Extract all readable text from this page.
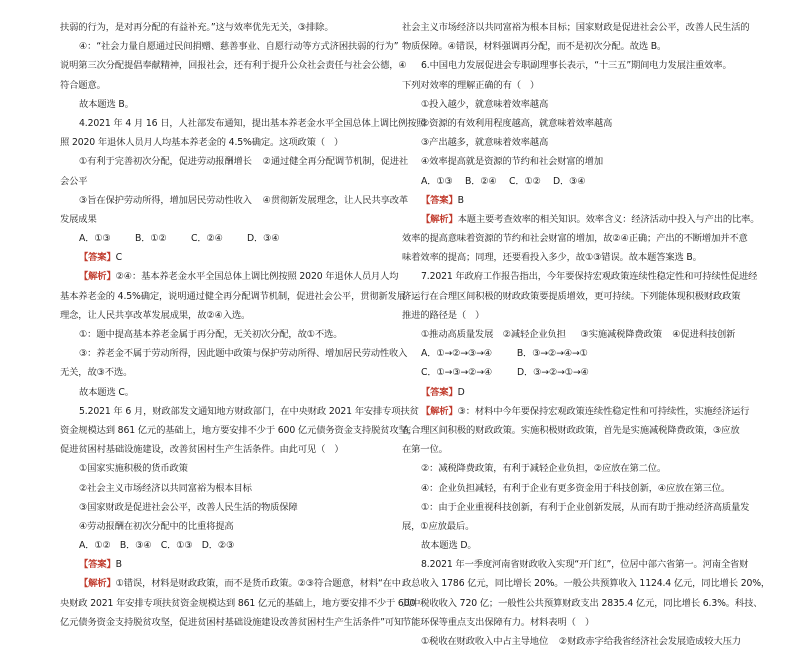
扶弱的行为，是对再分配的有益补充。”这与效率优先无关，③排除。
④：“社会力量自愿通过民间捐赠、慈善事业、自愿行动等方式济困扶弱的行为”
说明第三次分配提倡奉献精神，回报社会，还有利于提升公众社会责任与社会公德，④
符合题意。
故本题选 B。
4.2021 年 4 月 16 日，人社部发布通知，提出基本养老金水平全国总体上调比例按照
照 2020 年退休人员月人均基本养老金的 4.5%确定。这项政策（　）
①有利于完善初次分配，促进劳动报酬增长 ②通过健全再分配调节机制，促进社
会公平
③旨在保护劳动所得，增加居民劳动性收入 ④贯彻新发展理念，让人民共享改革
发展成果
A．①③	B．①②	C．②④	D．③④
【答案】C
【解析】②④：基本养老金水平全国总体上调比例按照 2020 年退休人员月人均
基本养老金的 4.5%确定，说明通过健全再分配调节机制，促进社会公平，贯彻新发展
理念，让人民共享改革发展成果，故②④入选。
①：题中提高基本养老金属于再分配，无关初次分配，故①不选。
③：养老金不属于劳动所得，因此题中政策与保护劳动所得、增加居民劳动性收入
无关，故③不选。
故本题选 C。
5.2021 年 6 月，财政部发文通知地方财政部门，在中央财政 2021 年安排专项扶贫
资金规模达到 861 亿元的基础上，地方要安排不少于 600 亿元债务资金支持脱贫攻坚，
促进贫困村基础设施建设，改善贫困村生产生活条件。由此可见（　）
①国家实施积极的货币政策
②社会主义市场经济以共同富裕为根本目标
③国家财政是促进社会公平，改善人民生活的物质保障
④劳动报酬在初次分配中的比重将提高
A．①②　B．③④　C．①③　D．②③
【答案】B
【解析】①错误，材料是财政政策，而不是货币政策。②③符合题意，材料“在中
央财政 2021 年安排专项扶贫资金规模达到 861 亿元的基础上，地方要安排不少于 600
亿元债务资金支持脱贫攻坚，促进贫困村基础设施建设改善贫困村生产生活条件”可知
社会主义市场经济以共同富裕为根本目标；国家财政是促进社会公平，改善人民生活的
物质保障。④错误，材料强调再分配，而不是初次分配。故选 B。
6.中国电力发展促进会专职副理事长表示，“十三五”期间电力发展注重效率。
下列对效率的理解正确的有（　）
①投入越少，就意味着效率越高
②资源的有效利用程度越高，就意味着效率越高
③产出越多，就意味着效率越高
④效率提高就是资源的节约和社会财富的增加
A．①③	B．②④	C．①②	D．③④
【答案】B
【解析】本题主要考查效率的相关知识。效率含义：经济活动中投入与产出的比率。
效率的提高意味着资源的节约和社会财富的增加，故②④正确；产出的不断增加并不意
味着效率的提高；同理，还要看投入多少，故①③错误。故本题答案选 B。
7.2021 年政府工作报告指出，今年要保持宏观政策连续性稳定性和可持续性促进经
济运行在合理区间积极的财政政策要提质增效，更可持续。下列能体现积极财政政策
推进的路径是（　）
①推动高质量发展	②减轻企业负担	③实施减税降费政策	④促进科技创新
A．①→②→③→④	B．③→②→④→①
C．①→③→②→④	D．③→②→①→④
【答案】D
【解析】③：材料中今年要保持宏观政策连续性稳定性和可持续性，实施经济运行
在合理区间积极的财政政策。实施积极财政政策，首先是实施减税降费政策，③应放
在第一位。
②：减税降费政策，有利于减轻企业负担，②应放在第二位。
④：企业负担减轻，有利于企业有更多资金用于科技创新，④应放在第三位。
①：由于企业重视科技创新，有利于企业创新发展，从而有助于推动经济高质量发
展，①应放最后。
故本题选 D。
8.2021 年一季度河南省财政收入实现“开门红”，位居中部六省第一。河南全省财
政总收入 1786 亿元，同比增长 20%。一般公共预算收入 1124.4 亿元，同比增长 20%，
其中税收收入 720 亿；一般性公共预算财政支出 2835.4 亿元，同比增长 6.3%。科技、
节能环保等重点支出保障有力。材料表明（　）
①税收在财政收入中占主导地位 ②财政赤字给我省经济社会发展造成较大压力
